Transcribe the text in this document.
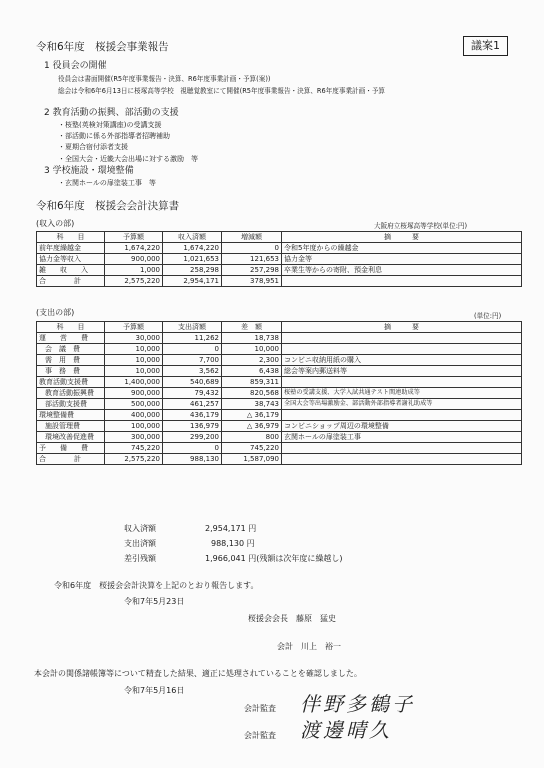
議案1
令和6年度　桜援会事業報告
1 役員会の開催
役員会は書面開催(R5年度事業報告・決算、R6年度事業計画・予算(案))
総会は令和6年6月13日に桜塚高等学校　視聴覚教室にて開催(R5年度事業報告・決算、R6年度事業計画・予算
2 教育活動の振興、部活動の支援
・桜塾(英検対策講座)の受講支援
・部活動に係る外部指導者招聘補助
・夏期合宿付添者支援
・全国大会・近畿大会出場に対する激励　等
3 学校施設・環境整備
・玄関ホールの扉塗装工事　等
令和6年度　桜援会会計決算書
(収入の部)	大阪府立桜塚高等学校(単位:円)
科　　目	予算額	収入済額	増減額	摘　　　要
前年度繰越金	1,674,220	1,674,220	0	令和5年度からの繰越金
協力金等収入	900,000	1,021,653	121,653	協力金等
雑　　収　　入	1,000	258,298	257,298	卒業生等からの寄附、預金利息
合　　　　計	2,575,220	2,954,171	378,951	
(支出の部)	(単位:円)
科　　目	予算額	支出済額	差　額	摘　　　要
運　　営　　費	30,000	11,262	18,738	
会　議　費	10,000	0	10,000	
需　用　費	10,000	7,700	2,300	コンビニ収納用紙の購入
事　務　費	10,000	3,562	6,438	総会等案内郵送料等
教育活動支援費	1,400,000	540,689	859,311	
教育活動振興費	900,000	79,432	820,568	桜塾の受講支援、大学入試共通テスト関連助成等
部活動支援費	500,000	461,257	38,743	全国大会等出場激励金、部活動外部指導者謝礼助成等
環境整備費	400,000	436,179	△ 36,179	
施設管理費	100,000	136,979	△ 36,979	コンビニショップ周辺の環境整備
環境改善促進費	300,000	299,200	800	玄関ホールの扉塗装工事
予　　備　　費	745,220	0	745,220	
合　　　　計	2,575,220	988,130	1,587,090	
収入済額	2,954,171 円
支出済額	988,130 円
差引残額	1,966,041 円(残額は次年度に繰越し)
令和6年度　桜援会会計決算を上記のとおり報告します。
令和7年5月23日
桜援会会長　藤原　猛史
会計　川上　裕一
本会計の関係諸帳簿等について精査した結果、適正に処理されていることを確認しました。
令和7年5月16日
会計監査 伴野多鶴子
会計監査 渡邊晴久
